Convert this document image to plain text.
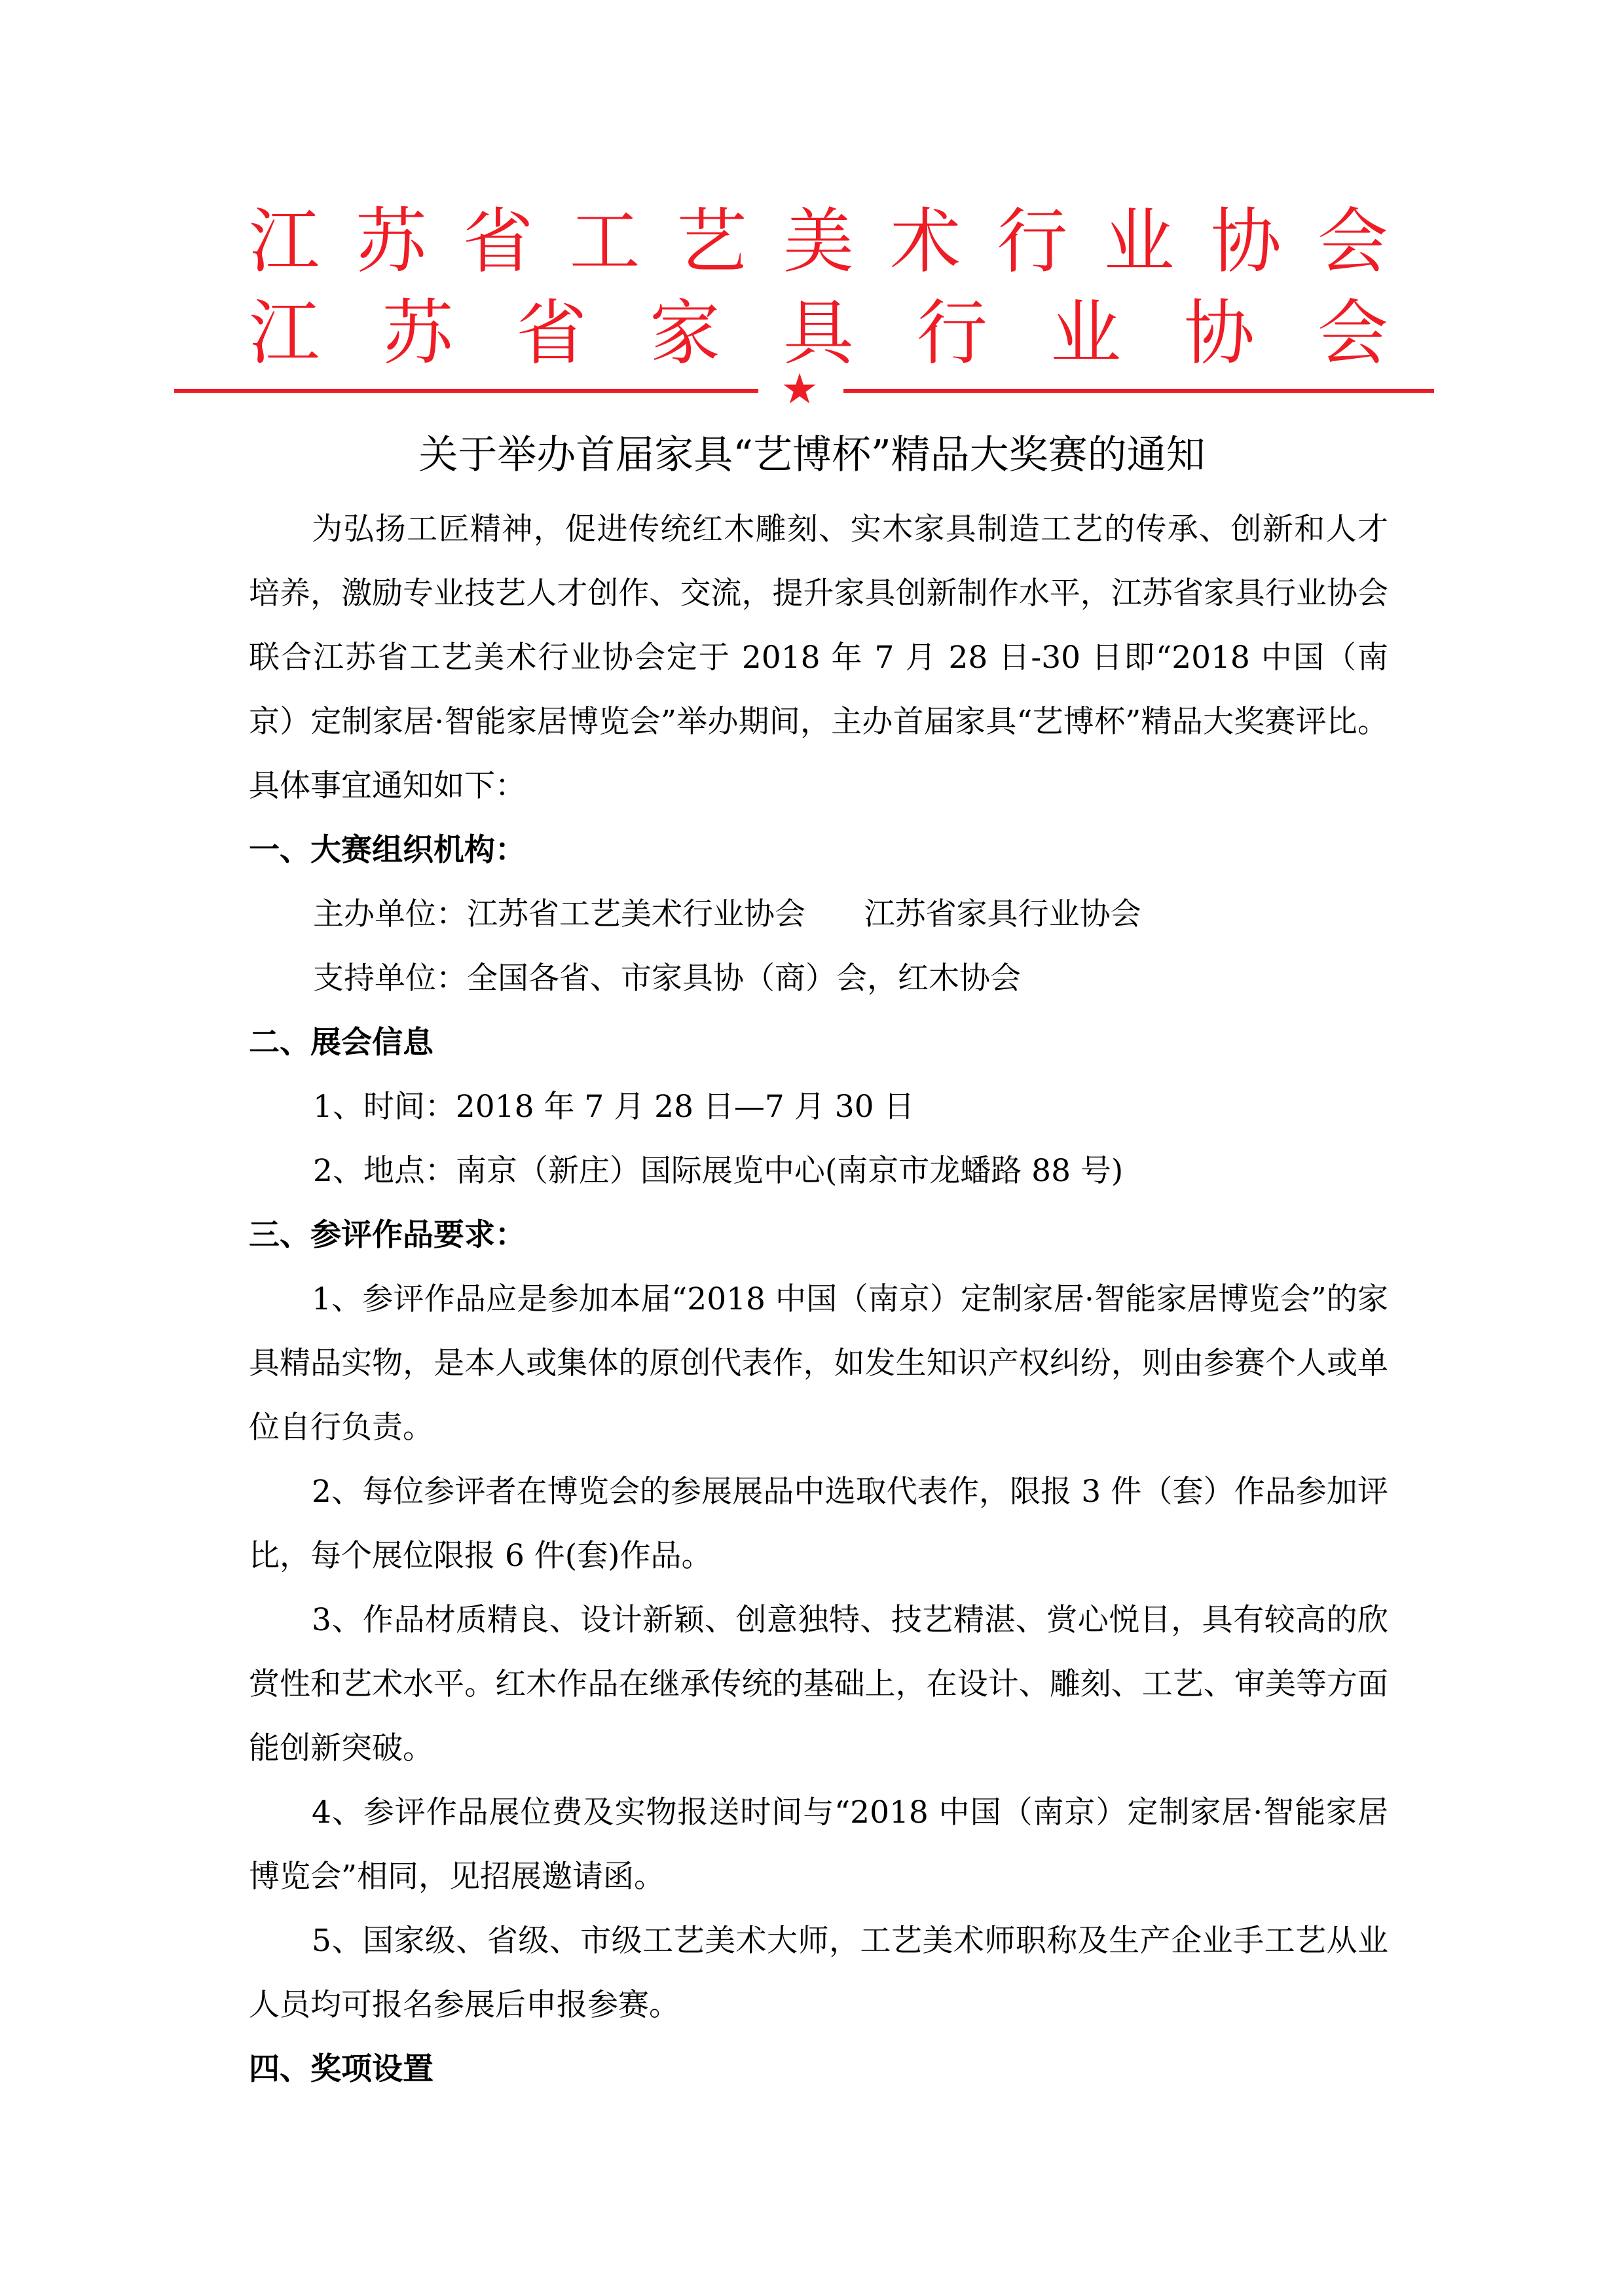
江 苏 省 工 艺 美 术 行 业 协 会
江 苏 省 家 具 行 业 协 会
★
关于举办首届家具“艺博杯”精品大奖赛的通知
为弘扬工匠精神，促进传统红木雕刻、实木家具制造工艺的传承、创新和人才培养，激励专业技艺人才创作、交流，提升家具创新制作水平，江苏省家具行业协会联合江苏省工艺美术行业协会定于 2018 年 7 月 28 日-30 日即“2018 中国（南京）定制家居·智能家居博览会”举办期间，主办首届家具“艺博杯”精品大奖赛评比。具体事宜通知如下：
一、大赛组织机构：
主办单位：江苏省工艺美术行业协会      江苏省家具行业协会
支持单位：全国各省、市家具协（商）会，红木协会
二、展会信息
1、时间：2018 年 7 月 28 日—7 月 30 日
2、地点：南京（新庄）国际展览中心(南京市龙蟠路 88 号)
三、参评作品要求：
1、参评作品应是参加本届“2018 中国（南京）定制家居·智能家居博览会”的家具精品实物，是本人或集体的原创代表作，如发生知识产权纠纷，则由参赛个人或单位自行负责。
2、每位参评者在博览会的参展展品中选取代表作，限报 3 件（套）作品参加评比，每个展位限报 6 件(套)作品。
3、作品材质精良、设计新颖、创意独特、技艺精湛、赏心悦目，具有较高的欣赏性和艺术水平。红木作品在继承传统的基础上，在设计、雕刻、工艺、审美等方面能创新突破。
4、参评作品展位费及实物报送时间与“2018 中国（南京）定制家居·智能家居博览会”相同，见招展邀请函。
5、国家级、省级、市级工艺美术大师，工艺美术师职称及生产企业手工艺从业人员均可报名参展后申报参赛。
四、奖项设置
